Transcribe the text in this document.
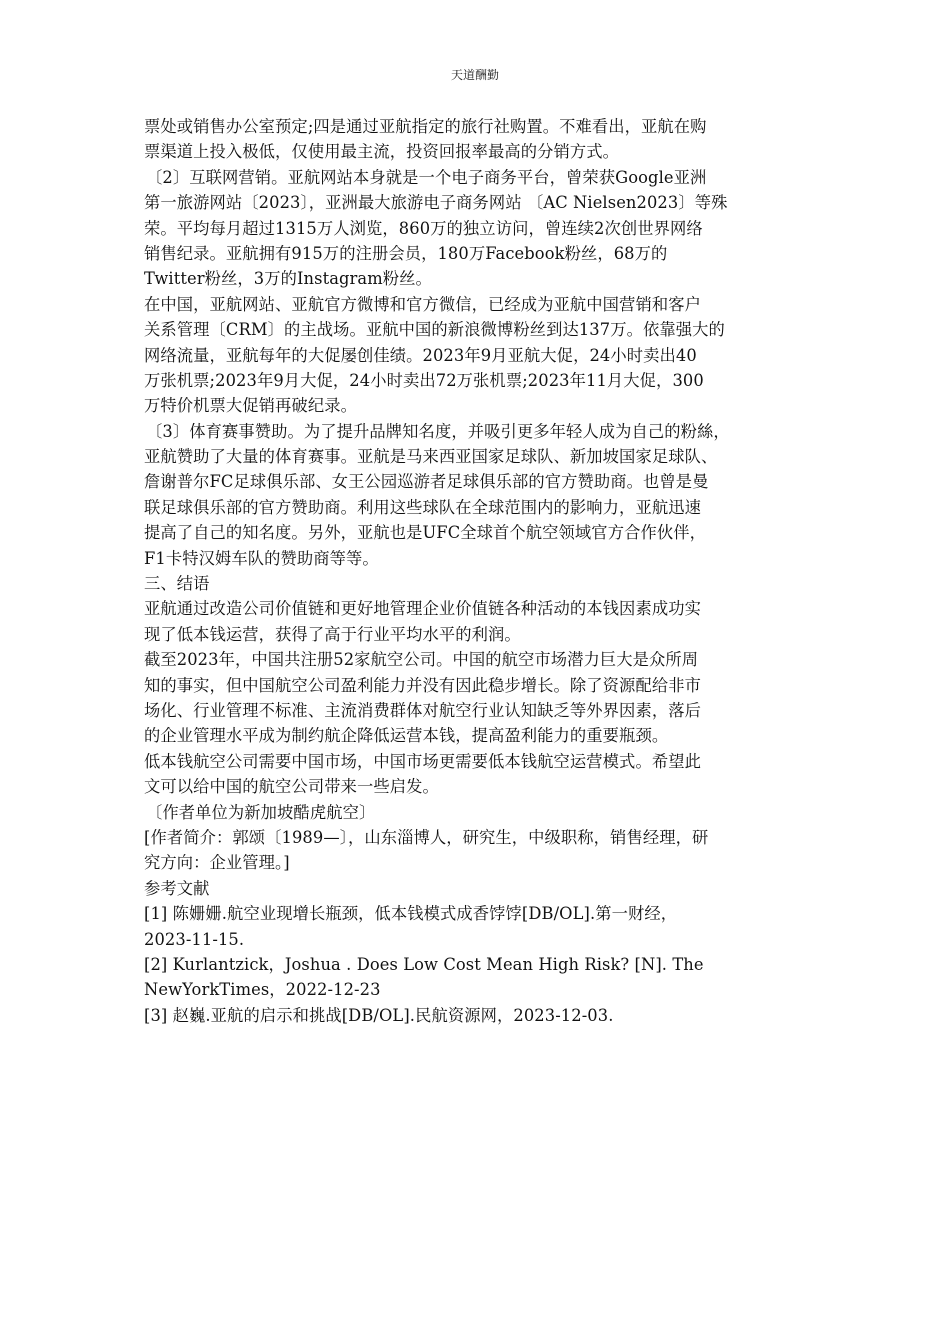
天道酬勤
票处或销售办公室预定;四是通过亚航指定的旅行社购置。不难看出，亚航在购
票渠道上投入极低，仅使用最主流，投资回报率最高的分销方式。
〔2〕互联网营销。亚航网站本身就是一个电子商务平台，曾荣获Google亚洲
第一旅游网站〔2023〕，亚洲最大旅游电子商务网站 〔AC Nielsen2023〕等殊
荣。平均每月超过1315万人浏览，860万的独立访问，曾连续2次创世界网络
销售纪录。亚航拥有915万的注册会员，180万Facebook粉丝，68万的
Twitter粉丝，3万的Instagram粉丝。
在中国，亚航网站、亚航官方微博和官方微信，已经成为亚航中国营销和客户
关系管理〔CRM〕的主战场。亚航中国的新浪微博粉丝到达137万。依靠强大的
网络流量，亚航每年的大促屡创佳绩。2023年9月亚航大促，24小时卖出40
万张机票;2023年9月大促，24小时卖出72万张机票;2023年11月大促，300
万特价机票大促销再破纪录。
〔3〕体育赛事赞助。为了提升品牌知名度，并吸引更多年轻人成为自己的粉絲，
亚航赞助了大量的体育赛事。亚航是马来西亚国家足球队、新加坡国家足球队、
詹谢普尔FC足球俱乐部、女王公园巡游者足球俱乐部的官方赞助商。也曾是曼
联足球俱乐部的官方赞助商。利用这些球队在全球范围内的影响力，亚航迅速
提高了自己的知名度。另外，亚航也是UFC全球首个航空领域官方合作伙伴，
F1卡特汉姆车队的赞助商等等。
三、结语
亚航通过改造公司价值链和更好地管理企业价值链各种活动的本钱因素成功实
现了低本钱运营，获得了高于行业平均水平的利润。
截至2023年，中国共注册52家航空公司。中国的航空市场潜力巨大是众所周
知的事实，但中国航空公司盈利能力并没有因此稳步增长。除了资源配给非市
场化、行业管理不标准、主流消费群体对航空行业认知缺乏等外界因素，落后
的企业管理水平成为制约航企降低运营本钱，提高盈利能力的重要瓶颈。
低本钱航空公司需要中国市场，中国市场更需要低本钱航空运营模式。希望此
文可以给中国的航空公司带来一些启发。
〔作者单位为新加坡酷虎航空〕
[作者简介：郭颂〔1989—〕，山东淄博人，研究生，中级职称，销售经理，研
究方向：企业管理。]
参考文献
[1] 陈姗姗.航空业现增长瓶颈，低本钱模式成香饽饽[DB/OL].第一财经，
2023-11-15.
[2] Kurlantzick，Joshua . Does Low Cost Mean High Risk? [N]. The
NewYorkTimes，2022-12-23
[3] 赵巍.亚航的启示和挑战[DB/OL].民航资源网，2023-12-03.
